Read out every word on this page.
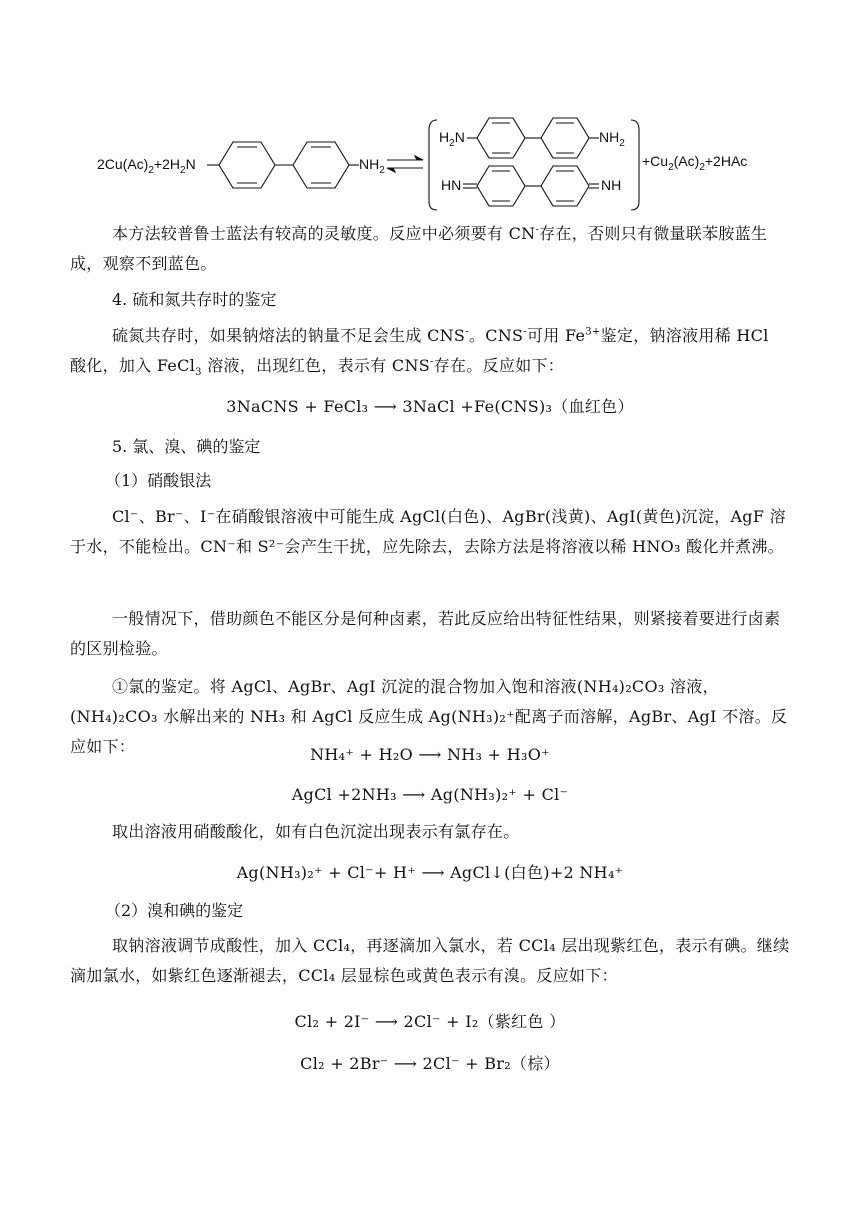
$2Cu(Ac)_2+2H_2N$	$NH_2$
$H_2N$	$NH_2$
HN	NH
$+Cu_2(Ac)_2+2HAc$

本方法较普鲁士蓝法有较高的灵敏度。反应中必须要有 CN-存在，否则只有微量联苯胺蓝生成，观察不到蓝色。

4. 硫和氮共存时的鉴定

硫氮共存时，如果钠熔法的钠量不足会生成 CNS-。CNS-可用 $Fe^{3+}$鉴定，钠溶液用稀 HCl 酸化，加入 FeCl$_3$ 溶液，出现红色，表示有 CNS-存在。反应如下：

3NaCNS + FeCl₃ ⟶ 3NaCl +Fe(CNS)₃（血红色）

5. 氯、溴、碘的鉴定

（1）硝酸银法

Cl⁻、Br⁻、I⁻在硝酸银溶液中可能生成 AgCl(白色)、AgBr(浅黄)、AgI(黄色)沉淀，AgF 溶于水，不能检出。CN⁻和 S²⁻会产生干扰，应先除去，去除方法是将溶液以稀 HNO₃ 酸化并煮沸。

一般情况下，借助颜色不能区分是何种卤素，若此反应给出特征性结果，则紧接着要进行卤素的区别检验。

①氯的鉴定。将 AgCl、AgBr、AgI 沉淀的混合物加入饱和溶液(NH₄)₂CO₃ 溶液，(NH₄)₂CO₃ 水解出来的 NH₃ 和 AgCl 反应生成 Ag(NH₃)₂⁺配离子而溶解，AgBr、AgI 不溶。反应如下：	NH₄⁺ + H₂O ⟶ NH₃ + H₃O⁺

AgCl +2NH₃ ⟶ Ag(NH₃)₂⁺ + Cl⁻

取出溶液用硝酸酸化，如有白色沉淀出现表示有氯存在。

Ag(NH₃)₂⁺ + Cl⁻+ H⁺ ⟶ AgCl↓(白色)+2 NH₄⁺

（2）溴和碘的鉴定

取钠溶液调节成酸性，加入 CCl₄，再逐滴加入氯水，若 CCl₄ 层出现紫红色，表示有碘。继续滴加氯水，如紫红色逐渐褪去，CCl₄ 层显棕色或黄色表示有溴。反应如下：

Cl₂ + 2I⁻ ⟶ 2Cl⁻ + I₂（紫红色 ）

Cl₂ + 2Br⁻ ⟶ 2Cl⁻ + Br₂（棕）
